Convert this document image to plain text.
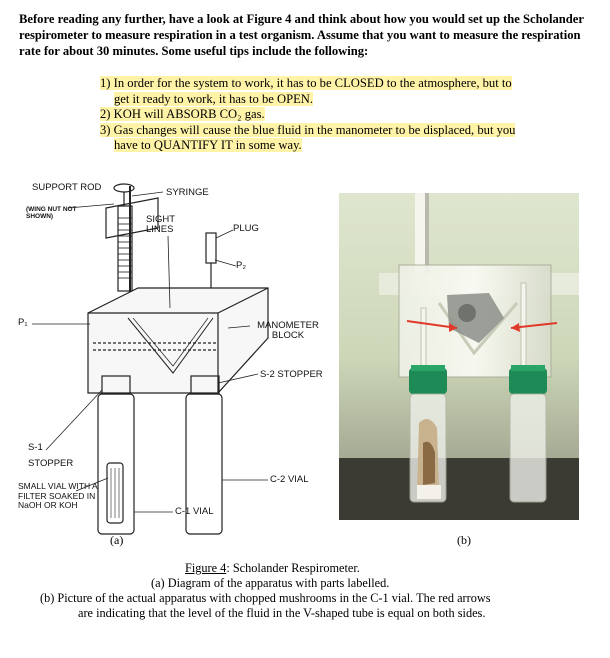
Before reading any further, have a look at Figure 4 and think about how you would set up the Scholander respirometer to measure respiration in a test organism. Assume that you want to measure the respiration rate for about 30 minutes. Some useful tips include the following:
1) In order for the system to work, it has to be CLOSED to the atmosphere, but to
get it ready to work, it has to be OPEN.
2) KOH will ABSORB CO₂ gas.
3) Gas changes will cause the blue fluid in the manometer to be displaced, but you
have to QUANTIFY IT in some way.
SUPPORT ROD
(WING NUT NOT SHOWN)
SYRINGE
SIGHT LINES	PLUG
P₂
P₁	MANOMETER BLOCK
S-2 STOPPER
S-1 STOPPER
SMALL VIAL WITH A FILTER SOAKED IN NaOH OR KOH
C-2 VIAL
C-1 VIAL
(a)	(b)
Figure 4: Scholander Respirometer.
(a) Diagram of the apparatus with parts labelled.
(b) Picture of the actual apparatus with chopped mushrooms in the C-1 vial. The red arrows
are indicating that the level of the fluid in the V-shaped tube is equal on both sides.
